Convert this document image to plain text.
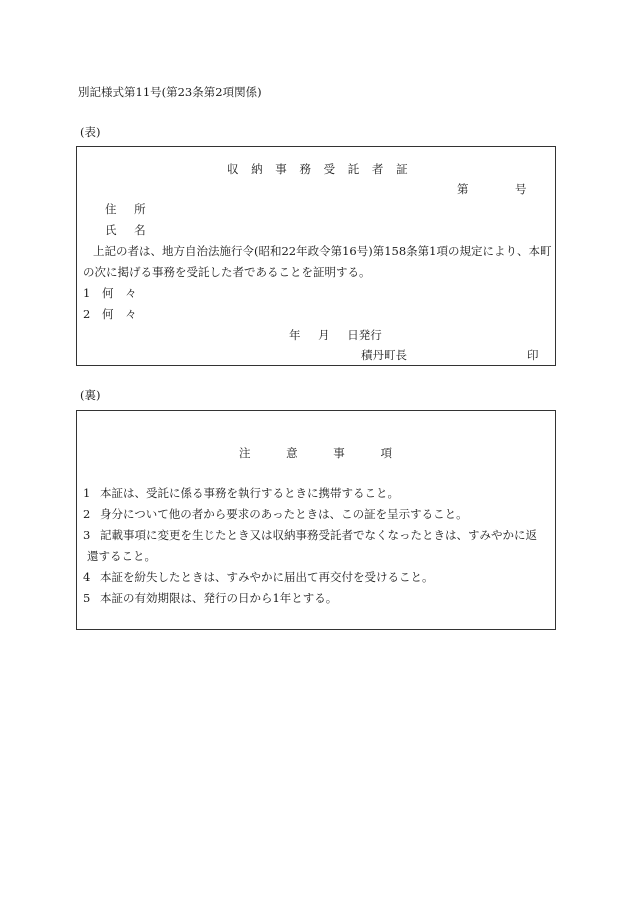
別記様式第11号(第23条第2項関係)
(表)
収 納 事 務 受 託 者 証
第	号
住 所
氏 名
上記の者は、地方自治法施行令(昭和22年政令第16号)第158条第1項の規定により、本町
の次に掲げる事務を受託した者であることを証明する。
1 何 々
2 何 々
年 月 日発行
積丹町長	印
(裏)
注 意 事 項
1 本証は、受託に係る事務を執行するときに携帯すること。
2 身分について他の者から要求のあったときは、この証を呈示すること。
3 記載事項に変更を生じたとき又は収納事務受託者でなくなったときは、すみやかに返
還すること。
4 本証を紛失したときは、すみやかに届出て再交付を受けること。
5 本証の有効期限は、発行の日から1年とする。
